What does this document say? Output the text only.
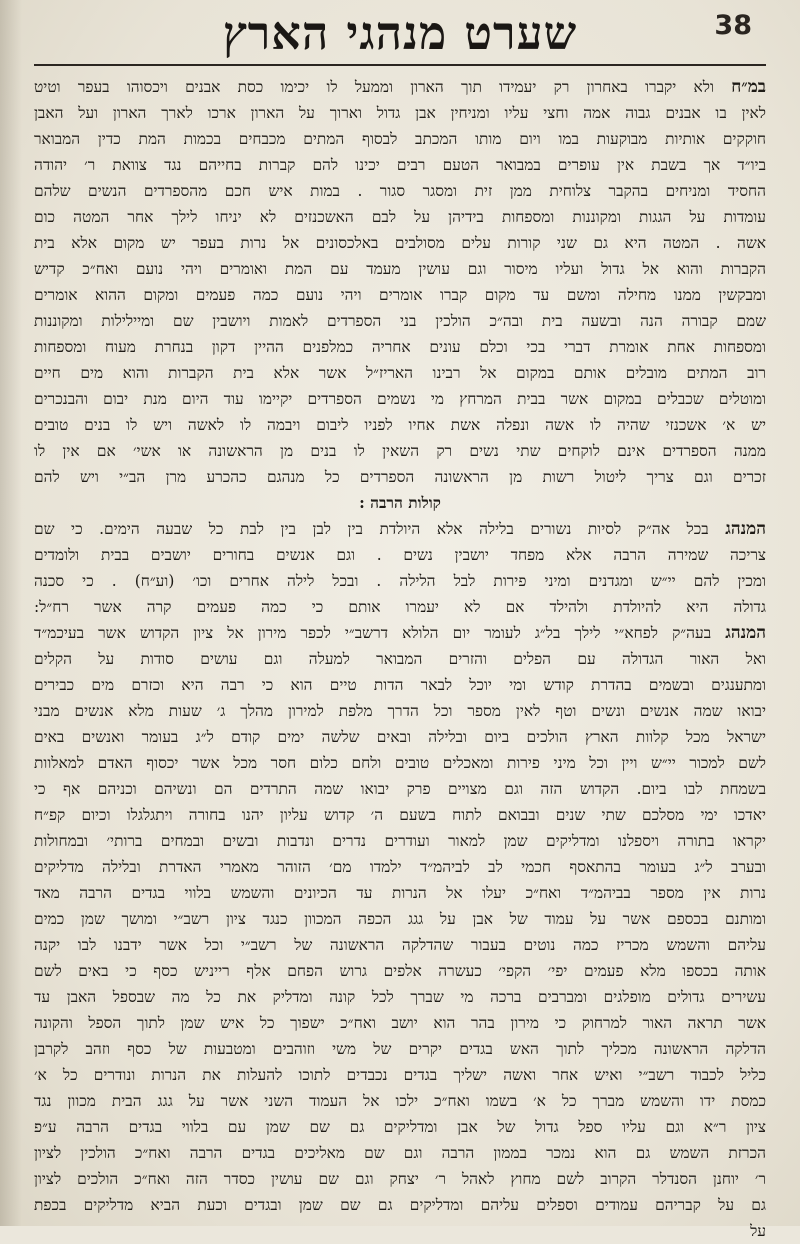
שערט מנהגי הארץ	38

במ״ח ולא יקברו באחרון רק יעמידו תוך הארון וממעל לו יכימו כסת אבנים ויכסוהו בעפר וטיט

לאין בו אבנים גבוה אמה וחצי עליו ומניחין אבן גדול וארוך על הארון ארכו לארך הארון ועל האבן

חוקקים אותיות מבוקעות במו ויום מותו המכתב לבסוף המתים מכבחים בכמות המת כדין המבואר

ביו״ד אך בשבת אין עופרים במבואר הטעם רבים יכינו להם קברות בחייהם נגד צוואת ר׳ יהודה

החסיד ומניחים בהקבר צלוחית ממן זית ומסגר סגור . במות איש חכם מהספרדים הנשים שלהם

עומדות על הגגות ומקוננות ומספחות בידיהן על לבם האשכנזים לא יניחו לילך אחר המטה כום

אשה . המטה היא גם שני קורות עלים מסולבים באלכסונים אל נרות בעפר יש מקום אלא בית

הקברות והוא אל גדול ועליו מיסור וגם עושין מעמד עם המת ואומרים ויהי נועם ואח״כ קדיש

ומבקשין ממנו מחילה ומשם עד מקום קברו אומרים ויהי נועם כמה פעמים ומקום ההוא אומרים

שמם קבורה הנה ובשעה בית ובה״כ הולכין בני הספרדים לאמות ויושבין שם ומיילילות ומקוננות

ומספחות אחת אומרת דברי בכי וכלם עונים אחריה כמלפנים ההיין דקון בנחרת מעוח ומספחות

רוב המתים מובלים אותם במקום אל רבינו האריז״ל אשר אלא בית הקברות והוא מים חיים

ומוטלים שכבלים במקום אשר בבית המרחץ מי נשמים הספרדים יקיימו עוד היום מנת יבום והבנכרים

יש א׳ אשכנזי שהיה לו אשה ונפלה אשת אחיו לפניו ליבום ויבמה לו לאשה ויש לו בנים טובים

ממנה הספרדים אינם לוקחים שתי נשים רק השאין לו בנים מן הראשונה או אשי׳ אם אין לו

זכרים וגם צריך ליטול רשות מן הראשונה הספרדים כל מנהגם כהכרע מרן הב״י ויש להם

קולות הרבה :

המנהג בכל אה״ק לסיות נשורים בלילה אלא היולדת בין לבן בין לבת כל שבעה הימים. כי שם

צריכה שמירה הרבה אלא מפחד יושבין נשים . וגם אנשים בחורים יושבים בבית ולומדים

ומכין להם יי״ש ומגדנים ומיני פירות לבל הלילה . ובכל לילה אחרים וכו׳ (וע״ח) . כי סכנה

גדולה היא להיולדת ולהילד אם לא יעמרו אותם כי כמה פעמים קרה אשר רח״ל:

המנהג בעה״ק לפחא״י לילך בל״ג לעומר יום הלולא דרשב״י לכפר מירון אל ציון הקדוש אשר בעיכמ״ד

ואל האור הגדולה עם הפלים והזרים המבואר למעלה וגם עושים סודות על הקלים

ומתענגים ובשמים בהדרת קודש ומי יוכל לבאר הדות טיים הוא כי רבה היא וכזרם מים כבירים

יבואו שמה אנשים ונשים וטף לאין מספר וכל הדרך מלפת למירון מהלך ג׳ שעות מלא אנשים מבני

ישראל מכל קלוות הארץ הולכים ביום ובלילה ובאים שלשה ימים קודם ל״ג בעומר ואנשים באים

לשם למכור יי״ש ויין וכל מיני פירות ומאכלים טובים ולחם כלום חסר מכל אשר יכסוף האדם למאלוות

בשמחת לבו ביום. הקדוש הזה וגם מצויים פרק יבואו שמה התרדים הם ונשיהם וכניהם אף כי

יאדכו ימי מסלכם שתי שנים ובבואם לתוח בשעם ה׳ קדוש עליון יהנו בחורה ויתגלגלו וכיום קפ״ח

יקראו בתורה ויספלנו ומדליקים שמן למאור ועודרים נדרים ונדבות ובשים ובמחים ברותי׳ ובמחולות

ובערב ל״ג בעומר בהתאסף חכמי לב לביהמ״ד ילמדו מם׳ הזוהר מאמרי האדרת ובלילה מדליקים

נרות אין מספר בביהמ״ד ואח״כ יעלו אל הנרות עד הכיונים והשמש בלווי בגדים הרבה מאד

ומותנם בכספם אשר על עמוד של אבן על גגג הכפה המכוון כנגד ציון רשב״י ומושך שמן כמים

עליהם והשמש מכריז כמה נוטים בעבור שהדלקה הראשונה של רשב״י וכל אשר ידבנו לבו יקנה

אותה בכספו מלא פעמים יפי׳ הקפי׳ כעשרה אלפים גרוש הפחם אלף רייניש כסף כי באים לשם

עשירים גדולים מופלגים ומברבים ברכה מי שברך לכל קונה ומדליק את כל מה שבספל האבן עד

אשר תראה האור למרחוק כי מירון בהר הוא יושב ואח״כ ישפוך כל איש שמן לתוך הספל והקונה

הדלקה הראשונה מכליך לתוך האש בגדים יקרים של משי וזוהבים ומטבעות של כסף וזהב לקרבן

כליל לכבוד רשב״י ואיש אחר ואשה ישליך בגדים נכבדים לתוכו להעלות את הנרות ונודרים כל א׳

כמסת ידו והשמש מברך כל א׳ בשמו ואח״כ ילכו אל העמוד השני אשר על גגג הבית מכוון נגד

ציון ר״א וגם עליו ספל גדול של אבן ומדליקים גם שם שמן עם בלווי בגדים הרבה ע״פ

הכרזת השמש גם הוא נמכר בממון הרבה וגם שם מאליכים בגדים הרבה ואח״כ הולכין לציון

ר׳ יוחנן הסנדלר הקרוב לשם מחוץ לאהל ר׳ יצחק וגם שם עושין כסדר הזה ואח״כ הולכים לציון

גם על קבריהם עמודים וספלים עליהם ומדליקים גם שם שמן ובגדים וכעת הביא מדליקים בכפת

על
